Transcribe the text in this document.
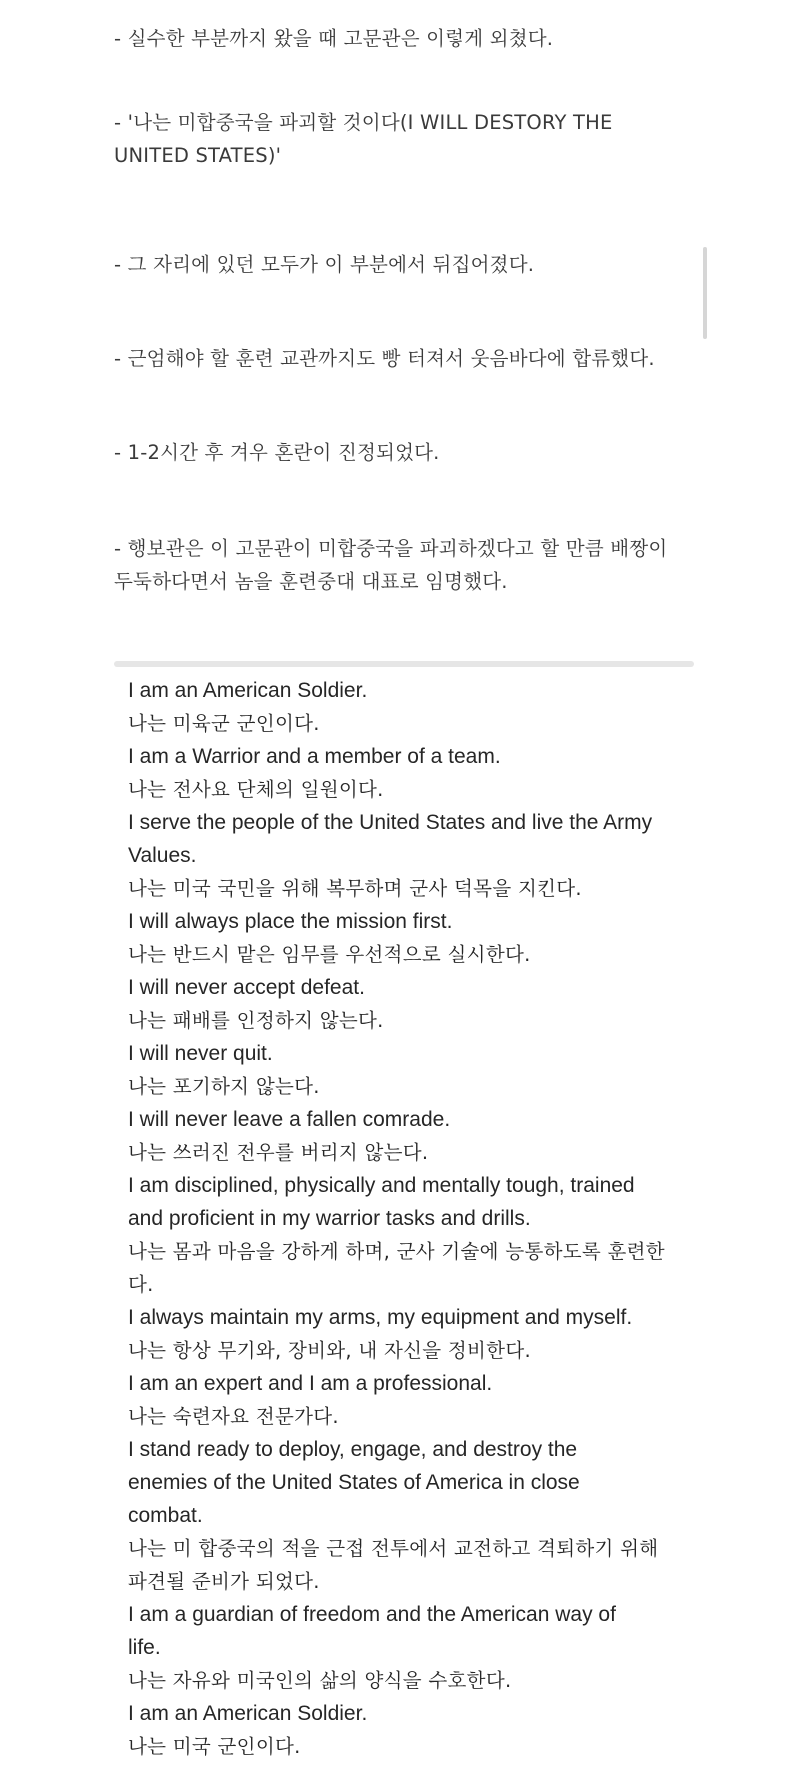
- 실수한 부분까지 왔을 때 고문관은 이렇게 외쳤다.
- '나는 미합중국을 파괴할 것이다(I WILL DESTORY THE
UNITED STATES)'
- 그 자리에 있던 모두가 이 부분에서 뒤집어졌다.
- 근엄해야 할 훈련 교관까지도 빵 터져서 웃음바다에 합류했다.
- 1-2시간 후 겨우 혼란이 진정되었다.
- 행보관은 이 고문관이 미합중국을 파괴하겠다고 할 만큼 배짱이
두둑하다면서 놈을 훈련중대 대표로 임명했다.
I am an American Soldier.
나는 미육군 군인이다.
I am a Warrior and a member of a team.
나는 전사요 단체의 일원이다.
I serve the people of the United States and live the Army
Values.
나는 미국 국민을 위해 복무하며 군사 덕목을 지킨다.
I will always place the mission first.
나는 반드시 맡은 임무를 우선적으로 실시한다.
I will never accept defeat.
나는 패배를 인정하지 않는다.
I will never quit.
나는 포기하지 않는다.
I will never leave a fallen comrade.
나는 쓰러진 전우를 버리지 않는다.
I am disciplined, physically and mentally tough, trained
and proficient in my warrior tasks and drills.
나는 몸과 마음을 강하게 하며, 군사 기술에 능통하도록 훈련한
다.
I always maintain my arms, my equipment and myself.
나는 항상 무기와, 장비와, 내 자신을 정비한다.
I am an expert and I am a professional.
나는 숙련자요 전문가다.
I stand ready to deploy, engage, and destroy the
enemies of the United States of America in close
combat.
나는 미 합중국의 적을 근접 전투에서 교전하고 격퇴하기 위해
파견될 준비가 되었다.
I am a guardian of freedom and the American way of
life.
나는 자유와 미국인의 삶의 양식을 수호한다.
I am an American Soldier.
나는 미국 군인이다.
